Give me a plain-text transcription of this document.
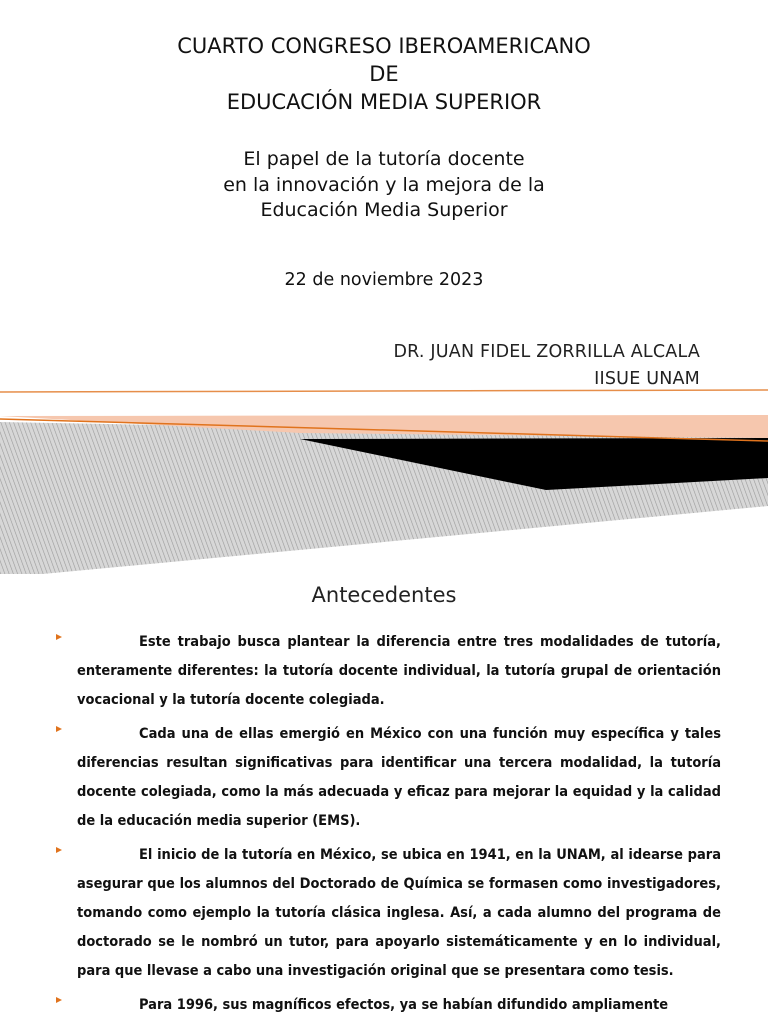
CUARTO CONGRESO IBEROAMERICANO
DE
EDUCACIÓN MEDIA SUPERIOR
El papel de la tutoría docente
en la innovación y la mejora de la
Educación Media Superior
22 de noviembre 2023
DR. JUAN FIDEL ZORRILLA ALCALA
IISUE UNAM
Antecedentes
Este trabajo busca plantear la diferencia entre tres modalidades de tutoría, enteramente diferentes: la tutoría docente individual, la tutoría grupal de orientación vocacional y la tutoría docente colegiada.
Cada una de ellas emergió en México con una función muy específica y tales diferencias resultan significativas para identificar una tercera modalidad, la tutoría docente colegiada, como la más adecuada y eficaz para mejorar la equidad y la calidad de la educación media superior (EMS).
El inicio de la tutoría en México, se ubica en 1941, en la UNAM, al idearse para asegurar que los alumnos del Doctorado de Química se formasen como investigadores, tomando como ejemplo la tutoría clásica inglesa. Así, a cada alumno del programa de doctorado se le nombró un tutor, para apoyarlo sistemáticamente y en lo individual, para que llevase a cabo una investigación original que se presentara como tesis.
Para 1996, sus magníficos efectos, ya se habían difundido ampliamente
